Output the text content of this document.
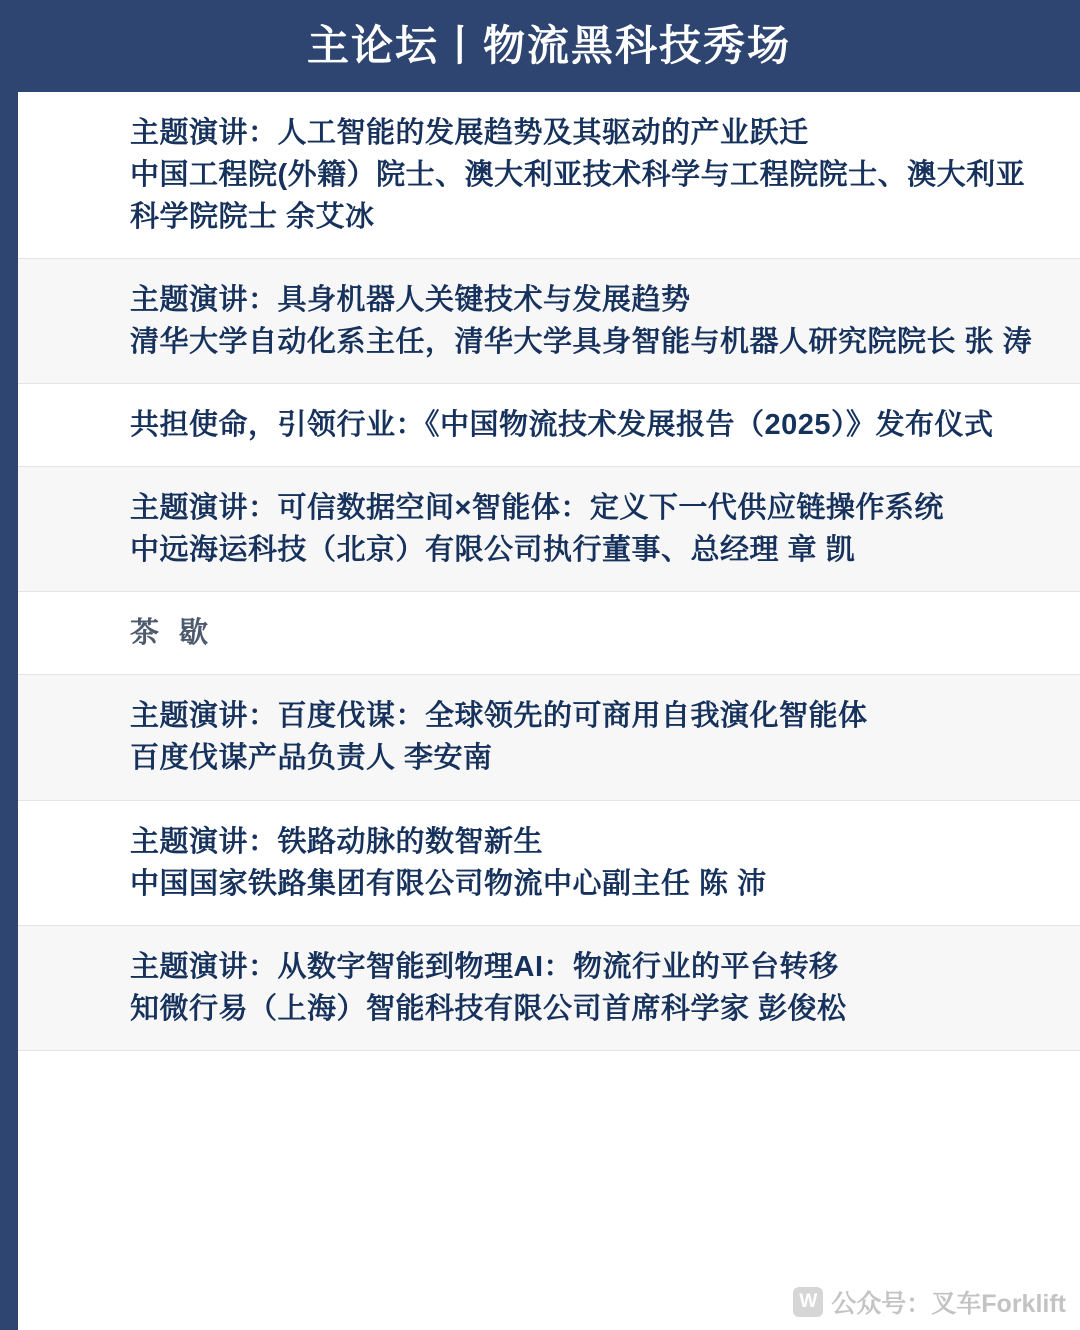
主论坛丨物流黑科技秀场
主题演讲：人工智能的发展趋势及其驱动的产业跃迁
中国工程院(外籍）院士、澳大利亚技术科学与工程院院士、澳大利亚科学院院士 余艾冰
主题演讲：具身机器人关键技术与发展趋势
清华大学自动化系主任，清华大学具身智能与机器人研究院院长 张 涛
共担使命，引领行业：《中国物流技术发展报告（2025）》发布仪式
主题演讲：可信数据空间×智能体：定义下一代供应链操作系统
中远海运科技（北京）有限公司执行董事、总经理 章 凯
茶 歇
主题演讲：百度伐谋：全球领先的可商用自我演化智能体
百度伐谋产品负责人 李安南
主题演讲：铁路动脉的数智新生
中国国家铁路集团有限公司物流中心副主任 陈 沛
主题演讲：从数字智能到物理AI：物流行业的平台转移
知微行易（上海）智能科技有限公司首席科学家 彭俊松
W 公众号：叉车Forklift
